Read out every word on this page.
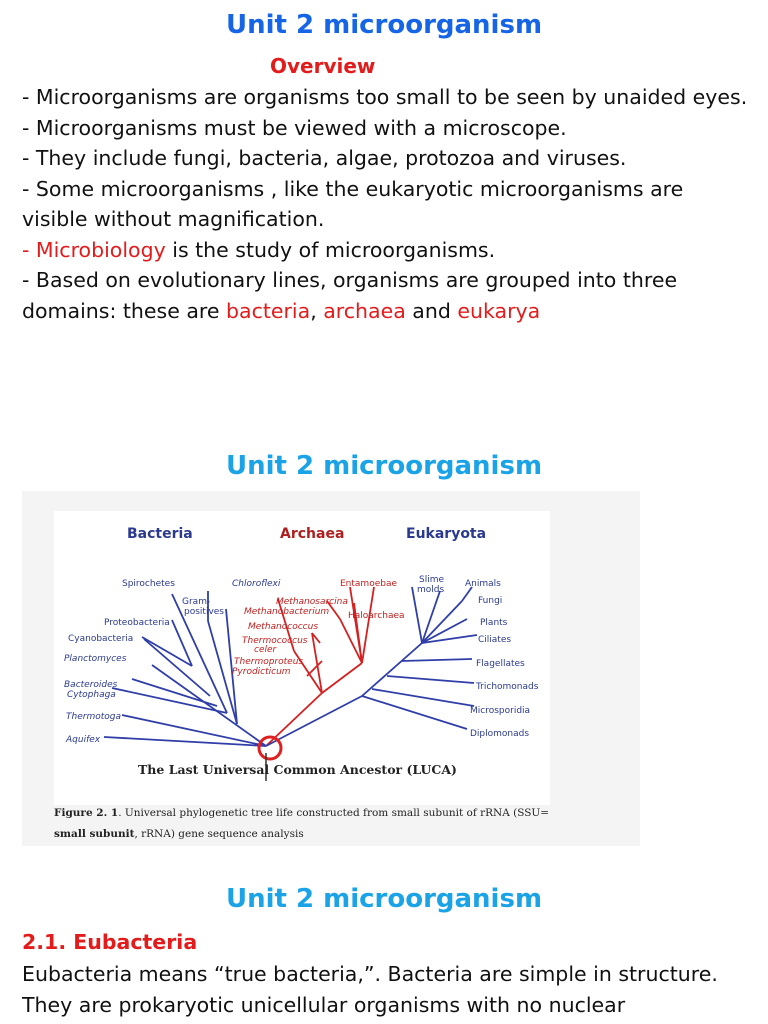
Unit 2 microorganism
Overview

- Microorganisms are organisms too small to be seen by unaided eyes.

- Microorganisms must be viewed with a microscope.

- They include fungi, bacteria, algae, protozoa and viruses.

- Some microorganisms , like the eukaryotic microorganisms are visible without magnification.

- Microbiology is the study of microorganisms.

- Based on evolutionary lines, organisms are grouped into three domains: these are bacteria, archaea and eukarya

Unit 2 microorganism
Bacteria	Archaea	Eukaryota
Spirochetes
Gram-
positives
Proteobacteria
Cyanobacteria
Planctomyces
Bacteroides
Cytophaga
Thermotoga
Aquifex
Chloroflexi
Methanosarcina
Methanobacterium Haloarchaea
Methanococcus
Thermococcus
celer
Thermoproteus
Pyrodicticum
Entamoebae Slime
molds
Animals
Fungi
Plants
Ciliates
Flagellates
Trichomonads
Microsporidia
Diplomonads
The Last Universal Common Ancestor (LUCA)
Figure 2. 1. Universal phylogenetic tree life constructed from small subunit of rRNA (SSU=
small subunit, rRNA) gene sequence analysis
Unit 2 microorganism
2.1. Eubacteria

Eubacteria means “true bacteria,”. Bacteria are simple in structure. They are prokaryotic unicellular organisms with no nuclear
